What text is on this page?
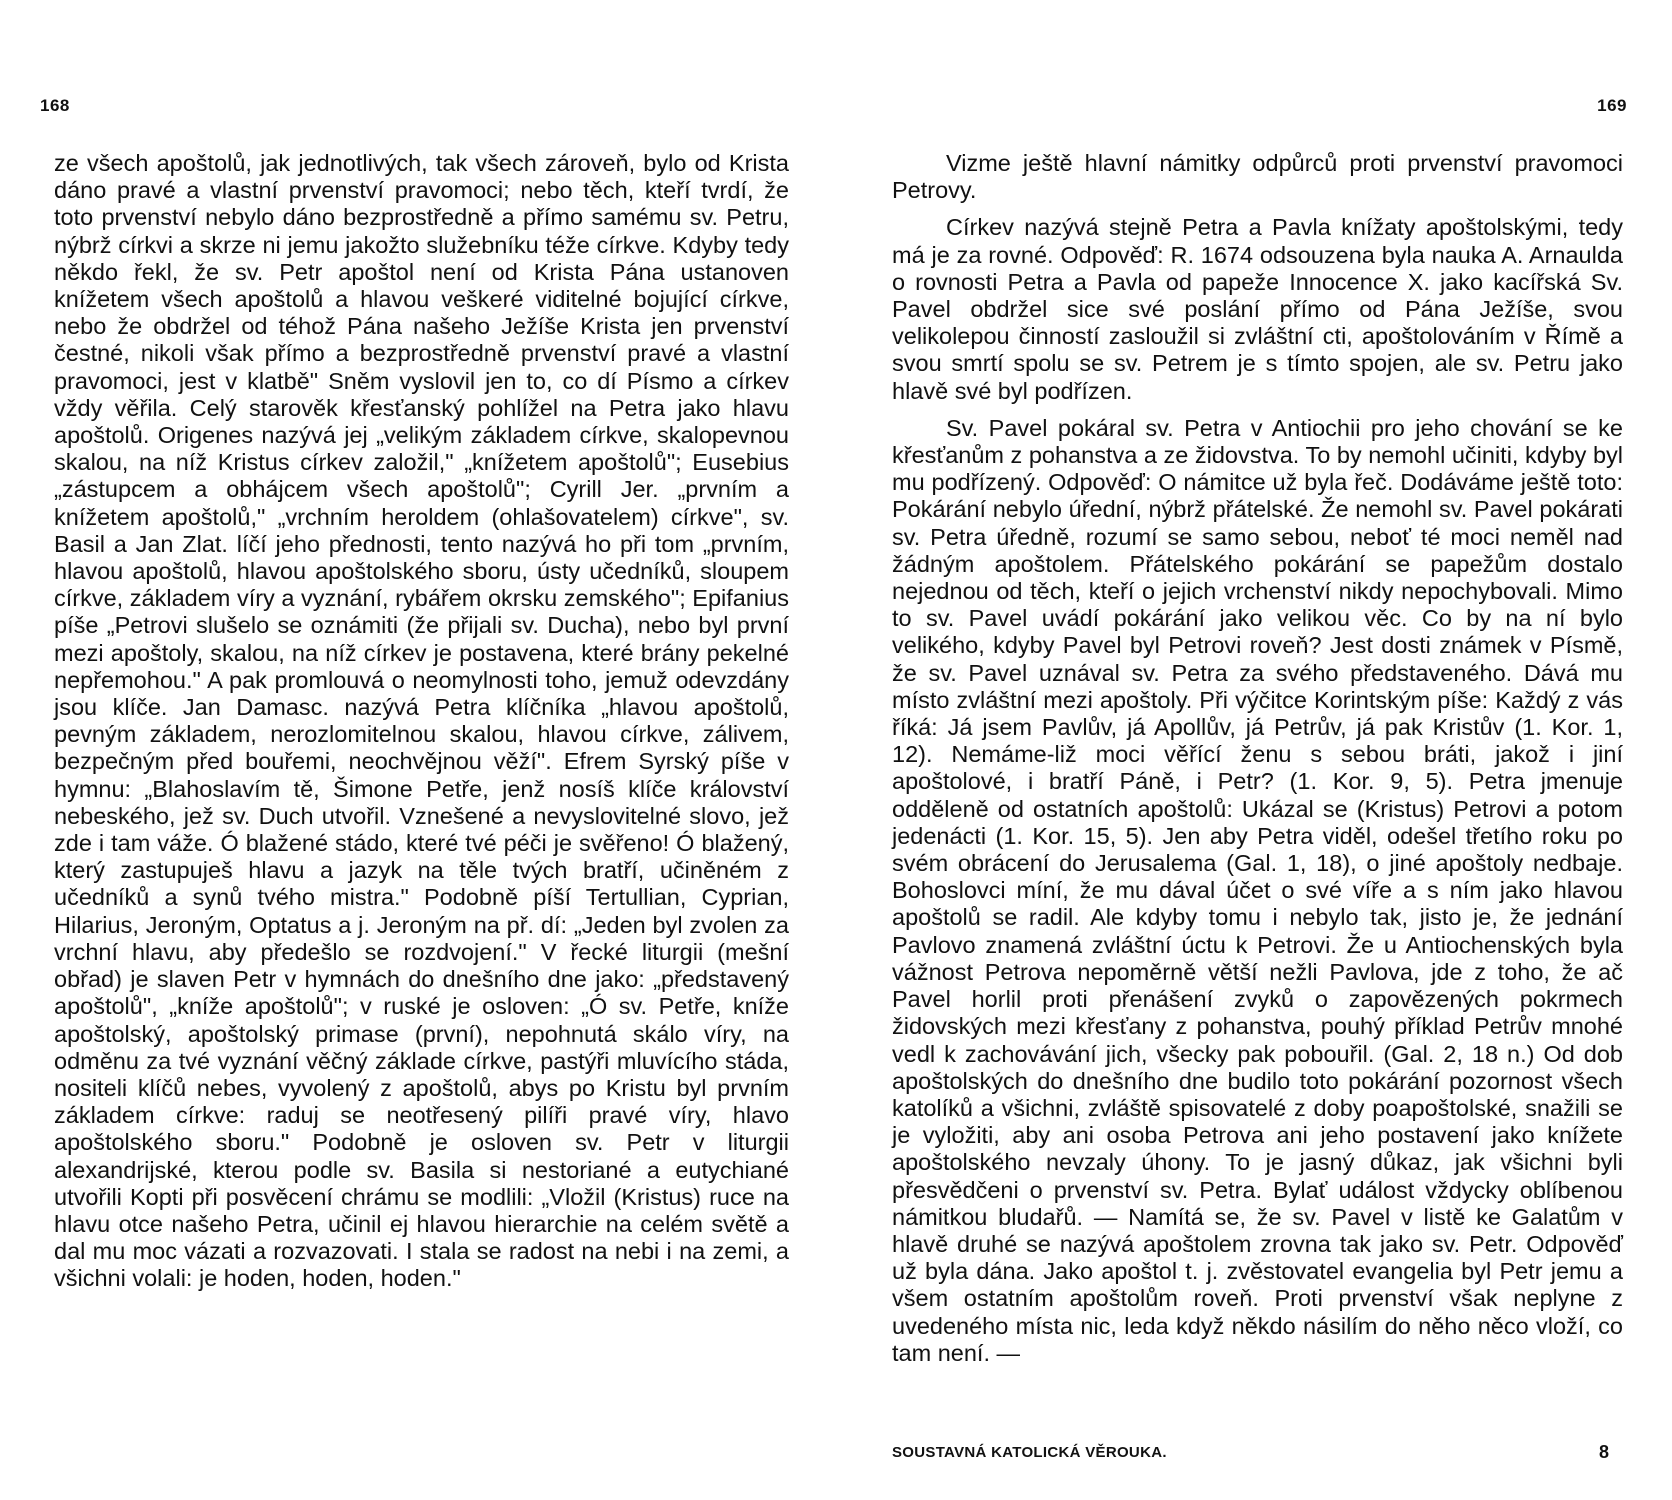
168

ze všech apoštolů, jak jednotlivých, tak všech zároveň, bylo od Krista dáno pravé a vlastní prvenství pravomoci; nebo těch, kteří tvrdí, že toto prvenství nebylo dáno bezprostředně a přímo samému sv. Petru, nýbrž církvi a skrze ni jemu jakožto služebníku téže církve. Kdyby tedy někdo řekl, že sv. Petr apoštol není od Krista Pána ustanoven knížetem všech apoštolů a hlavou veškeré viditelné bojující církve, nebo že obdržel od téhož Pána našeho Ježíše Krista jen prvenství čestné, nikoli však přímo a bezprostředně prvenství pravé a vlastní pravomoci, jest v klatbě" Sněm vyslovil jen to, co dí Písmo a církev vždy věřila. Celý starověk křesťanský pohlížel na Petra jako hlavu apoštolů. Origenes nazývá jej „velikým základem církve, skalopevnou skalou, na níž Kristus církev založil," „knížetem apoštolů"; Eusebius „zástupcem a obhájcem všech apoštolů"; Cyrill Jer. „prvním a knížetem apoštolů," „vrchním heroldem (ohlašovatelem) církve", sv. Basil a Jan Zlat. líčí jeho přednosti, tento nazývá ho při tom „prvním, hlavou apoštolů, hlavou apoštolského sboru, ústy učedníků, sloupem církve, základem víry a vyznání, rybářem okrsku zemského"; Epifanius píše „Petrovi slušelo se oznámiti (že přijali sv. Ducha), nebo byl první mezi apoštoly, skalou, na níž církev je postavena, které brány pekelné nepřemohou." A pak promlouvá o neomylnosti toho, jemuž odevzdány jsou klíče. Jan Damasc. nazývá Petra klíčníka „hlavou apoštolů, pevným základem, nerozlomitelnou skalou, hlavou církve, zálivem, bezpečným před bouřemi, neochvějnou věží". Efrem Syrský píše v hymnu: „Blahoslavím tě, Šimone Petře, jenž nosíš klíče království nebeského, jež sv. Duch utvořil. Vznešené a nevyslovitelné slovo, jež zde i tam váže. Ó blažené stádo, které tvé péči je svěřeno! Ó blažený, který zastupuješ hlavu a jazyk na těle tvých bratří, učiněném z učedníků a synů tvého mistra." Podobně píší Tertullian, Cyprian, Hilarius, Jeroným, Optatus a j. Jeroným na př. dí: „Jeden byl zvolen za vrchní hlavu, aby předešlo se rozdvojení." V řecké liturgii (mešní obřad) je slaven Petr v hymnách do dnešního dne jako: „představený apoštolů", „kníže apoštolů"; v ruské je osloven: „Ó sv. Petře, kníže apoštolský, apoštolský primase (první), nepohnutá skálo víry, na odměnu za tvé vyznání věčný základe církve, pastýři mluvícího stáda, nositeli klíčů nebes, vyvolený z apoštolů, abys po Kristu byl prvním základem církve: raduj se neotřesený pilíři pravé víry, hlavo apoštolského sboru." Podobně je osloven sv. Petr v liturgii alexandrijské, kterou podle sv. Basila si nestoriané a eutychiané utvořili Kopti při posvěcení chrámu se modlili: „Vložil (Kristus) ruce na hlavu otce našeho Petra, učinil ej hlavou hierarchie na celém světě a dal mu moc vázati a rozvazovati. I stala se radost na nebi i na zemi, a všichni volali: je hoden, hoden, hoden."

169

Vizme ještě hlavní námitky odpůrců proti prvenství pravomoci Petrovy.

Církev nazývá stejně Petra a Pavla knížaty apoštolskými, tedy má je za rovné. Odpověď: R. 1674 odsouzena byla nauka A. Arnaulda o rovnosti Petra a Pavla od papeže Innocence X. jako kacířská Sv. Pavel obdržel sice své poslání přímo od Pána Ježíše, svou velikolepou činností zasloužil si zvláštní cti, apoštolováním v Římě a svou smrtí spolu se sv. Petrem je s tímto spojen, ale sv. Petru jako hlavě své byl podřízen.

Sv. Pavel pokáral sv. Petra v Antiochii pro jeho chování se ke křesťanům z pohanstva a ze židovstva. To by nemohl učiniti, kdyby byl mu podřízený. Odpověď: O námitce už byla řeč. Dodáváme ještě toto: Pokárání nebylo úřední, nýbrž přátelské. Že nemohl sv. Pavel pokárati sv. Petra úředně, rozumí se samo sebou, neboť té moci neměl nad žádným apoštolem. Přátelského pokárání se papežům dostalo nejednou od těch, kteří o jejich vrchenství nikdy nepochybovali. Mimo to sv. Pavel uvádí pokárání jako velikou věc. Co by na ní bylo velikého, kdyby Pavel byl Petrovi roveň? Jest dosti známek v Písmě, že sv. Pavel uznával sv. Petra za svého představeného. Dává mu místo zvláštní mezi apoštoly. Při výčitce Korintským píše: Každý z vás říká: Já jsem Pavlův, já Apollův, já Petrův, já pak Kristův (1. Kor. 1, 12). Nemáme-liž moci věřící ženu s sebou bráti, jakož i jiní apoštolové, i bratří Páně, i Petr? (1. Kor. 9, 5). Petra jmenuje odděleně od ostatních apoštolů: Ukázal se (Kristus) Petrovi a potom jedenácti (1. Kor. 15, 5). Jen aby Petra viděl, odešel třetího roku po svém obrácení do Jerusalema (Gal. 1, 18), o jiné apoštoly nedbaje. Bohoslovci míní, že mu dával účet o své víře a s ním jako hlavou apoštolů se radil. Ale kdyby tomu i nebylo tak, jisto je, že jednání Pavlovo znamená zvláštní úctu k Petrovi. Že u Antiochenských byla vážnost Petrova nepoměrně větší nežli Pavlova, jde z toho, že ač Pavel horlil proti přenášení zvyků o zapovězených pokrmech židovských mezi křesťany z pohanstva, pouhý příklad Petrův mnohé vedl k zachovávání jich, všecky pak pobouřil. (Gal. 2, 18 n.) Od dob apoštolských do dnešního dne budilo toto pokárání pozornost všech katolíků a všichni, zvláště spisovatelé z doby poapoštolské, snažili se je vyložiti, aby ani osoba Petrova ani jeho postavení jako knížete apoštolského nevzaly úhony. To je jasný důkaz, jak všichni byli přesvědčeni o prvenství sv. Petra. Bylať událost vždycky oblíbenou námitkou bludařů. — Namítá se, že sv. Pavel v listě ke Galatům v hlavě druhé se nazývá apoštolem zrovna tak jako sv. Petr. Odpověď už byla dána. Jako apoštol t. j. zvěstovatel evangelia byl Petr jemu a všem ostatním apoštolům roveň. Proti prvenství však neplyne z uvedeného místa nic, leda když někdo násilím do něho něco vloží, co tam není. —

SOUSTAVNÁ KATOLICKÁ VĚROUKA.	8
